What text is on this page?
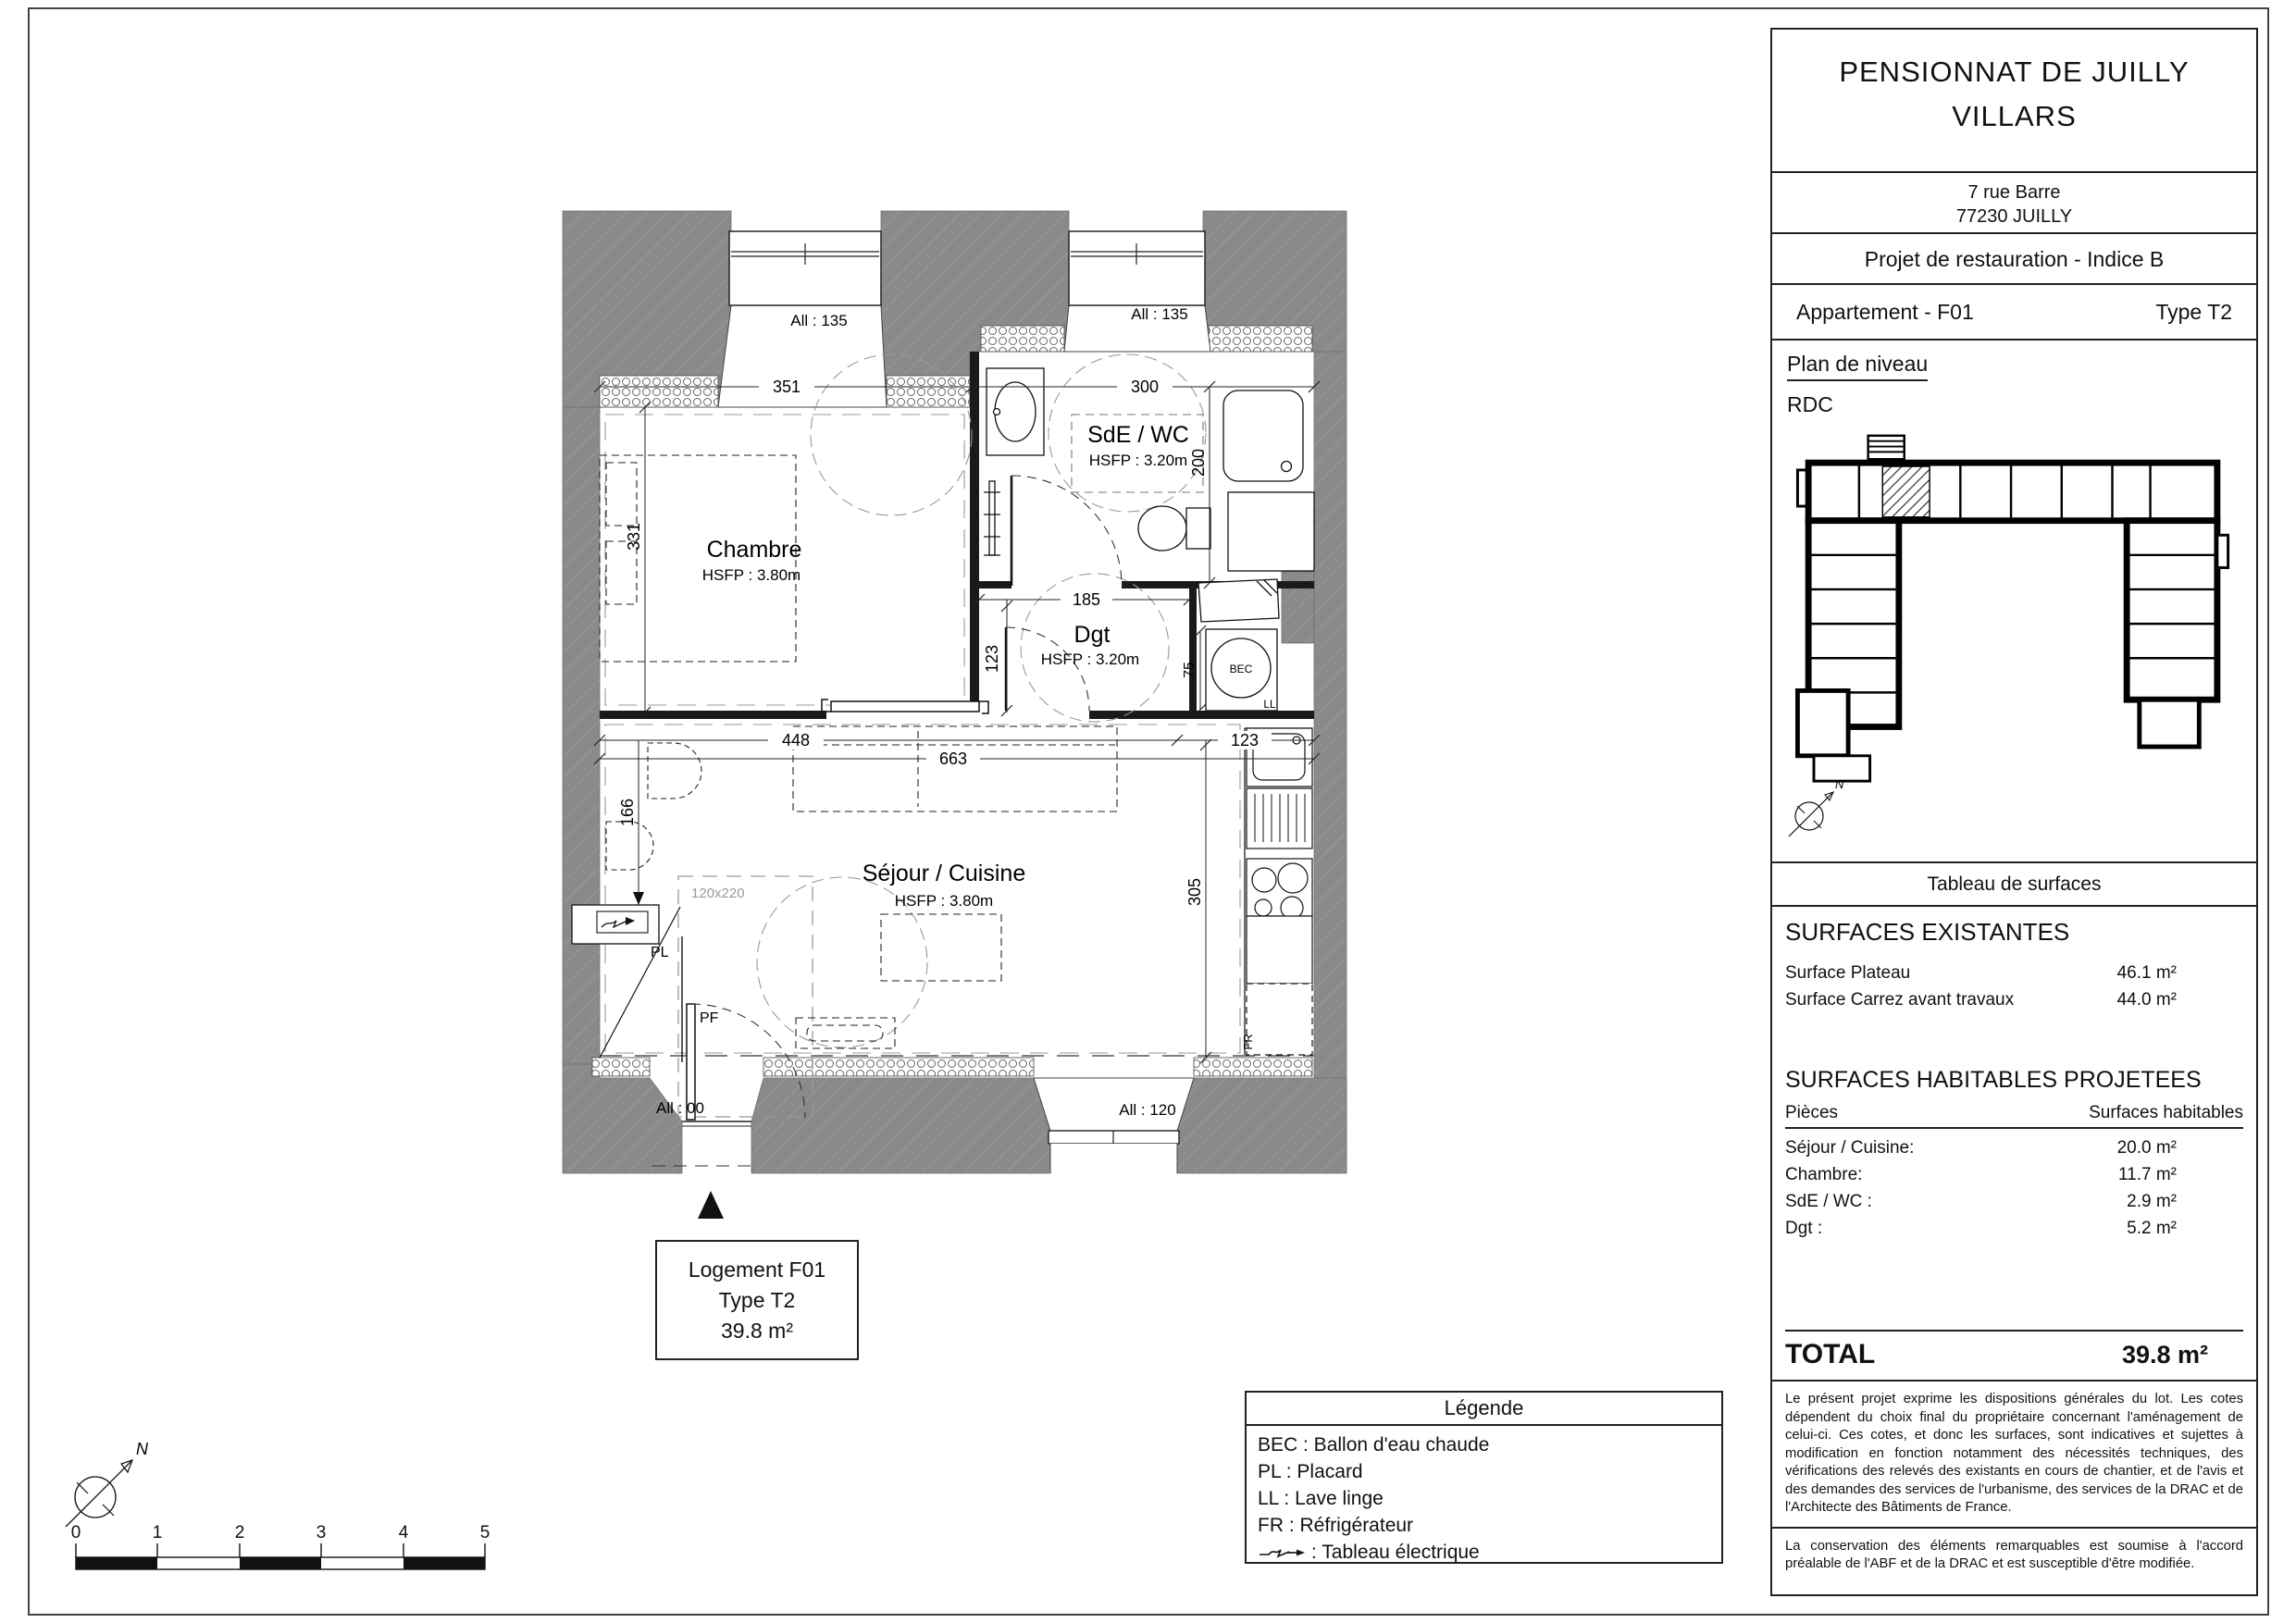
120x220
BEC
LL
FR
PL
PF
351	300
331
200
185
123	75
448	123
663
166
305
Chambre
HSFP : 3.80m
SdE / WC
HSFP : 3.20m
Dgt
HSFP : 3.20m
Séjour / Cuisine
HSFP : 3.80m
All : 135	All : 135
All : 00	All : 120
Logement F01
Type T2
39.8 m²
Légende
BEC : Ballon d'eau chaude
PL : Placard
LL : Lave linge
FR : Réfrigérateur
: Tableau électrique
0	1	2	3	4	5
N
PENSIONNAT DE JUILLY
VILLARS
7 rue Barre
77230 JUILLY
Projet de restauration - Indice B
Appartement - F01	Type T2
Plan de niveau
RDC
N
Tableau de surfaces
SURFACES EXISTANTES
Surface Plateau	46.1 m²
Surface Carrez avant travaux	44.0 m²
SURFACES HABITABLES PROJETEES
Pièces	Surfaces habitables
Séjour / Cuisine:	20.0 m²
Chambre:	11.7 m²
SdE / WC :	2.9 m²
Dgt :	5.2 m²
TOTAL	39.8 m²
Le présent projet exprime les dispositions générales du lot. Les cotes dépendent du choix final du propriétaire concernant l'aménagement de celui-ci. Ces cotes, et donc les surfaces, sont indicatives et sujettes à modification en fonction notamment des nécessités techniques, des vérifications des relevés des existants en cours de chantier, et de l'avis et des demandes des services de l'urbanisme, des services de la DRAC et de l'Architecte des Bâtiments de France.
La conservation des éléments remarquables est soumise à l'accord préalable de l'ABF et de la DRAC et est susceptible d'être modifiée.
